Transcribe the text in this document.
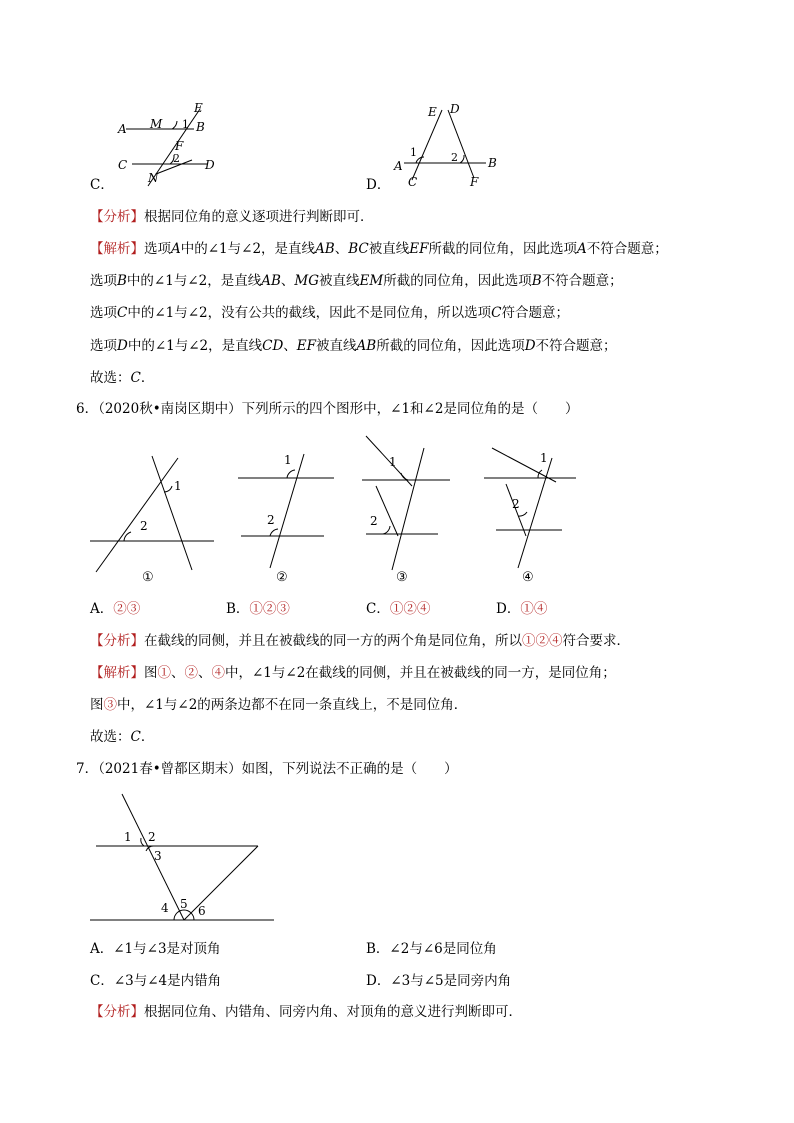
E
M 1 B
A
F
2
C	D
N
C．
E D
1	2
A	B
C	F
D．
【分析】根据同位角的意义逐项进行判断即可．
【解析】选项A中的∠1与∠2，是直线AB、BC被直线EF所截的同位角，因此选项A不符合题意；
选项B中的∠1与∠2，是直线AB、MG被直线EM所截的同位角，因此选项B不符合题意；
选项C中的∠1与∠2，没有公共的截线，因此不是同位角，所以选项C符合题意；
选项D中的∠1与∠2，是直线CD、EF被直线AB所截的同位角，因此选项D不符合题意；
故选：C．
6．（2020秋•南岗区期中）下列所示的四个图形中，∠1和∠2是同位角的是（　　）
1
2
①
1
2
②
1
2
③
1
2
④
A．②③	B．①②③	C．①②④	D．①④
【分析】在截线的同侧，并且在被截线的同一方的两个角是同位角，所以①②④符合要求．
【解析】图①、②、④中，∠1与∠2在截线的同侧，并且在被截线的同一方，是同位角；
图③中，∠1与∠2的两条边都不在同一条直线上，不是同位角．
故选：C．
7．（2021春•曾都区期末）如图，下列说法不正确的是（　　）
1 2
3
4 5 6
A．∠1与∠3是对顶角	B．∠2与∠6是同位角
C．∠3与∠4是内错角	D．∠3与∠5是同旁内角
【分析】根据同位角、内错角、同旁内角、对顶角的意义进行判断即可．
